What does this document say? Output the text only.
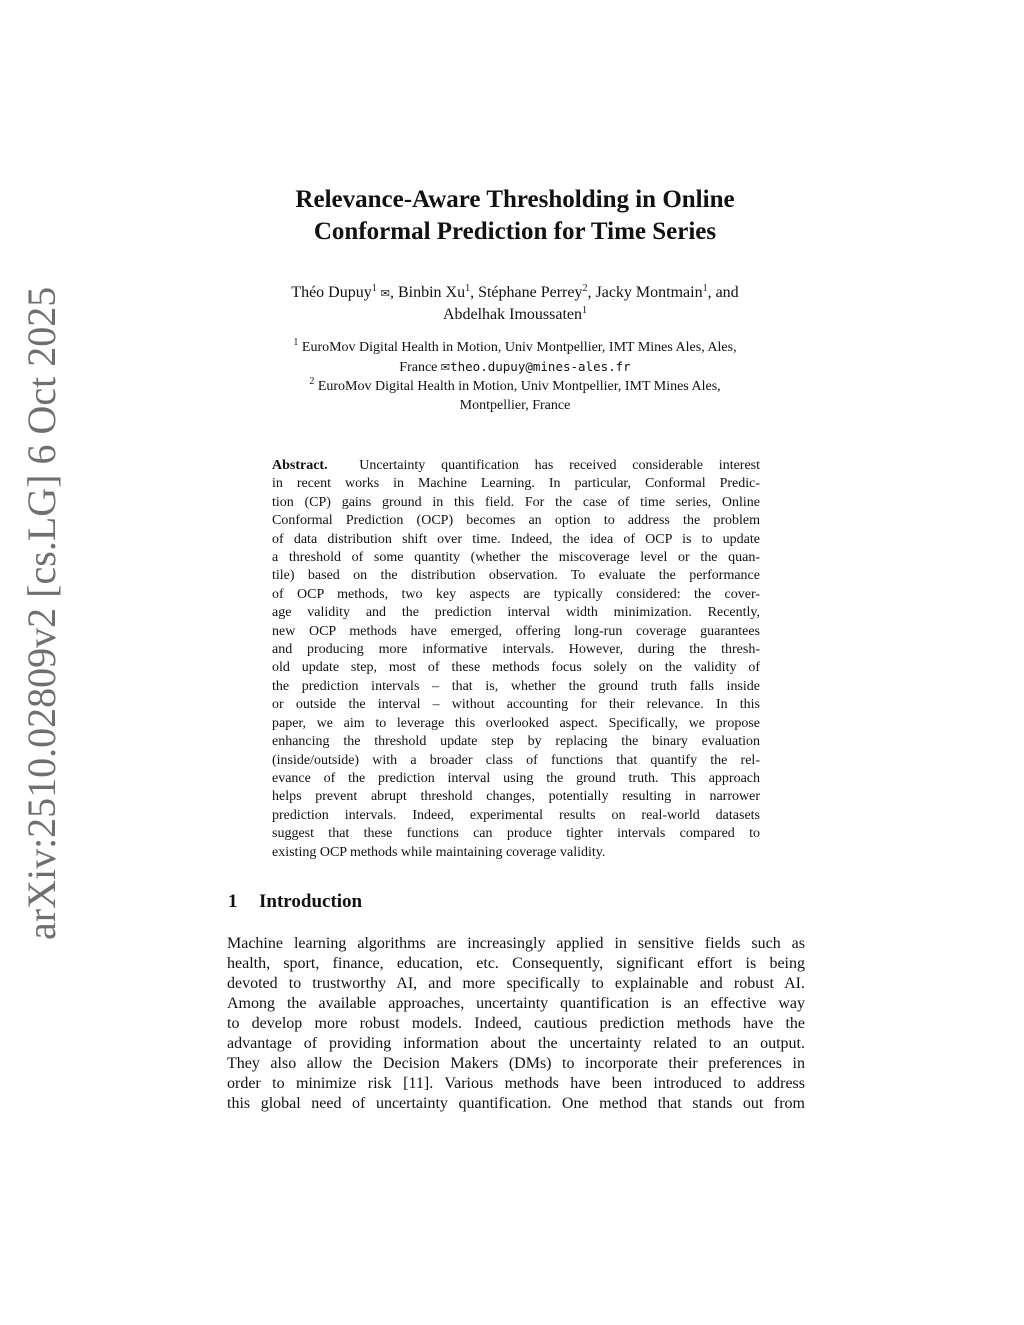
arXiv:2510.02809v2 [cs.LG] 6 Oct 2025
Relevance-Aware Thresholding in Online
Conformal Prediction for Time Series
Théo Dupuy$^1$ ✉, Binbin Xu$^1$, Stéphane Perrey$^2$, Jacky Montmain$^1$, and
Abdelhak Imoussaten$^1$
$^1$ EuroMov Digital Health in Motion, Univ Montpellier, IMT Mines Ales, Ales,
France ✉theo.dupuy@mines-ales.fr
$^2$ EuroMov Digital Health in Motion, Univ Montpellier, IMT Mines Ales,
Montpellier, France
Abstract. Uncertainty quantification has received considerable interest
in recent works in Machine Learning. In particular, Conformal Predic-
tion (CP) gains ground in this field. For the case of time series, Online
Conformal Prediction (OCP) becomes an option to address the problem
of data distribution shift over time. Indeed, the idea of OCP is to update
a threshold of some quantity (whether the miscoverage level or the quan-
tile) based on the distribution observation. To evaluate the performance
of OCP methods, two key aspects are typically considered: the cover-
age validity and the prediction interval width minimization. Recently,
new OCP methods have emerged, offering long-run coverage guarantees
and producing more informative intervals. However, during the thresh-
old update step, most of these methods focus solely on the validity of
the prediction intervals – that is, whether the ground truth falls inside
or outside the interval – without accounting for their relevance. In this
paper, we aim to leverage this overlooked aspect. Specifically, we propose
enhancing the threshold update step by replacing the binary evaluation
(inside/outside) with a broader class of functions that quantify the rel-
evance of the prediction interval using the ground truth. This approach
helps prevent abrupt threshold changes, potentially resulting in narrower
prediction intervals. Indeed, experimental results on real-world datasets
suggest that these functions can produce tighter intervals compared to
existing OCP methods while maintaining coverage validity.
1 Introduction
Machine learning algorithms are increasingly applied in sensitive fields such as
health, sport, finance, education, etc. Consequently, significant effort is being
devoted to trustworthy AI, and more specifically to explainable and robust AI.
Among the available approaches, uncertainty quantification is an effective way
to develop more robust models. Indeed, cautious prediction methods have the
advantage of providing information about the uncertainty related to an output.
They also allow the Decision Makers (DMs) to incorporate their preferences in
order to minimize risk [11]. Various methods have been introduced to address
this global need of uncertainty quantification. One method that stands out from
